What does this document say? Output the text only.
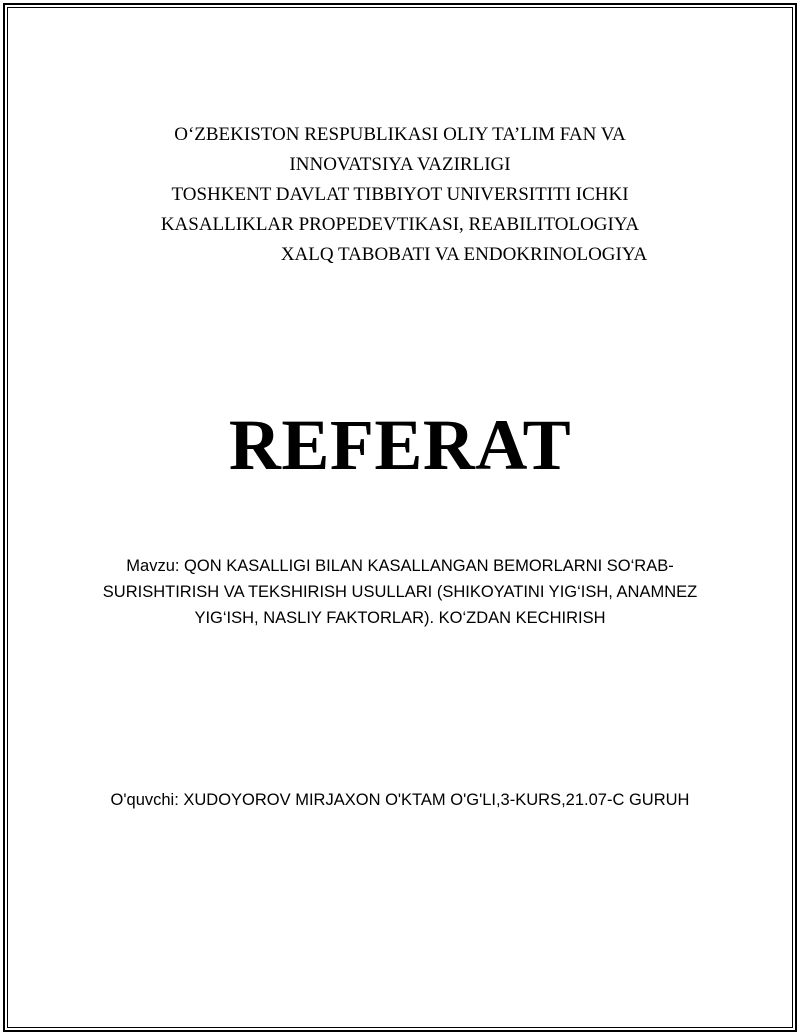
O‘ZBEKISTON RESPUBLIKASI OLIY TA’LIM FAN VA
INNOVATSIYA VAZIRLIGI
TOSHKENT DAVLAT TIBBIYOT UNIVERSITITI ICHKI
KASALLIKLAR PROPEDEVTIKASI, REABILITOLOGIYA
XALQ TABOBATI VA ENDOKRINOLOGIYA
REFERAT
Mavzu: QON KASALLIGI BILAN KASALLANGAN BEMORLARNI SO‘RAB-SURISHTIRISH VA TEKSHIRISH USULLARI (SHIKOYATINI YIG‘ISH, ANAMNEZ YIG‘ISH, NASLIY FAKTORLAR). KO‘ZDAN KECHIRISH
O'quvchi: XUDOYOROV MIRJAXON O'KTAM O'G'LI,3-KURS,21.07-C GURUH
